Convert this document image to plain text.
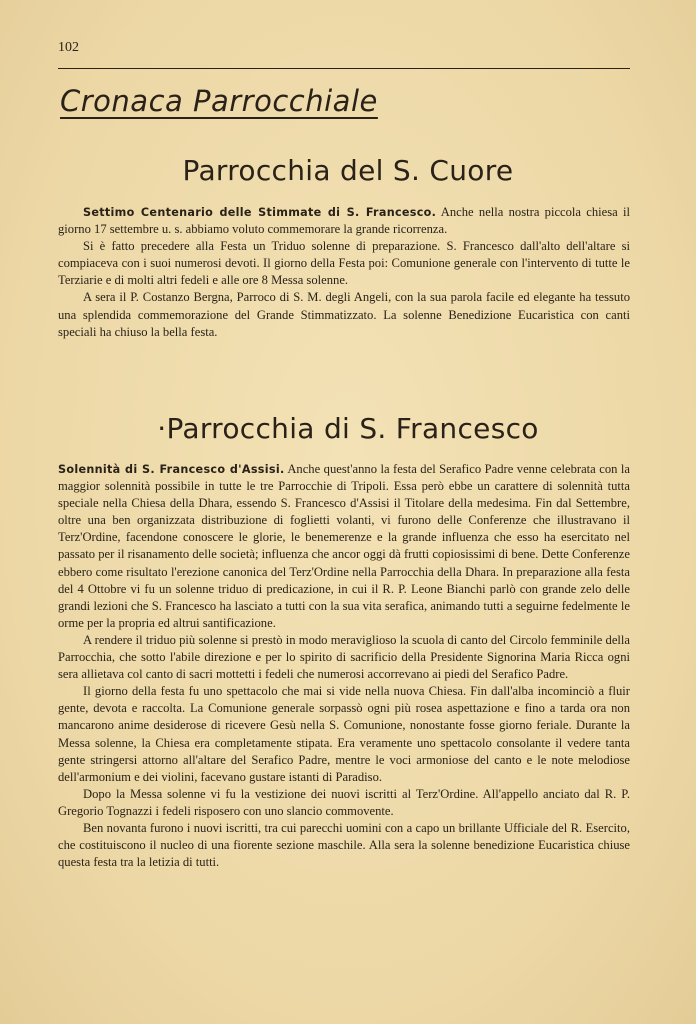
102
Cronaca Parrocchiale
Parrocchia del S. Cuore

Settimo Centenario delle Stimmate di S. Francesco. Anche nella nostra piccola chiesa il giorno 17 settembre u. s. abbiamo voluto commemorare la grande ricorrenza.

Si è fatto precedere alla Festa un Triduo solenne di preparazione. S. Francesco dall'alto dell'altare si compiaceva con i suoi numerosi devoti. Il giorno della Festa poi: Comunione generale con l'intervento di tutte le Terziarie e di molti altri fedeli e alle ore 8 Messa solenne.

A sera il P. Costanzo Bergna, Parroco di S. M. degli Angeli, con la sua parola facile ed elegante ha tessuto una splendida commemorazione del Grande Stimmatizzato. La solenne Benedizione Eucaristica con canti speciali ha chiuso la bella festa.

·Parrocchia di S. Francesco

Solennità di S. Francesco d'Assisi. Anche quest'anno la festa del Serafico Padre venne celebrata con la maggior solennità possibile in tutte le tre Parrocchie di Tripoli. Essa però ebbe un carattere di solennità tutta speciale nella Chiesa della Dhara, essendo S. Francesco d'Assisi il Titolare della medesima. Fin dal Settembre, oltre una ben organizzata distribuzione di foglietti volanti, vi furono delle Conferenze che illustravano il Terz'Ordine, facendone conoscere le glorie, le benemerenze e la grande influenza che esso ha esercitato nel passato per il risanamento delle società; influenza che ancor oggi dà frutti copiosissimi di bene. Dette Conferenze ebbero come risultato l'erezione canonica del Terz'Ordine nella Parrocchia della Dhara. In preparazione alla festa del 4 Ottobre vi fu un solenne triduo di predicazione, in cui il R. P. Leone Bianchi parlò con grande zelo delle grandi lezioni che S. Francesco ha lasciato a tutti con la sua vita serafica, animando tutti a seguirne fedelmente le orme per la propria ed altrui santificazione.

A rendere il triduo più solenne si prestò in modo meraviglioso la scuola di canto del Circolo femminile della Parrocchia, che sotto l'abile direzione e per lo spirito di sacrificio della Presidente Signorina Maria Ricca ogni sera allietava col canto di sacri mottetti i fedeli che numerosi accorrevano ai piedi del Serafico Padre.

Il giorno della festa fu uno spettacolo che mai si vide nella nuova Chiesa. Fin dall'alba incominciò a fluir gente, devota e raccolta. La Comunione generale sorpassò ogni più rosea aspettazione e fino a tarda ora non mancarono anime desiderose di ricevere Gesù nella S. Comunione, nonostante fosse giorno feriale. Durante la Messa solenne, la Chiesa era completamente stipata. Era veramente uno spettacolo consolante il vedere tanta gente stringersi attorno all'altare del Serafico Padre, mentre le voci armoniose del canto e le note melodiose dell'armonium e dei violini, facevano gustare istanti di Paradiso.

Dopo la Messa solenne vi fu la vestizione dei nuovi iscritti al Terz'Ordine. All'appello anciato dal R. P. Gregorio Tognazzi i fedeli risposero con uno slancio commovente.

Ben novanta furono i nuovi iscritti, tra cui parecchi uomini con a capo un brillante Ufficiale del R. Esercito, che costituiscono il nucleo di una fiorente sezione maschile. Alla sera la solenne benedizione Eucaristica chiuse questa festa tra la letizia di tutti.
